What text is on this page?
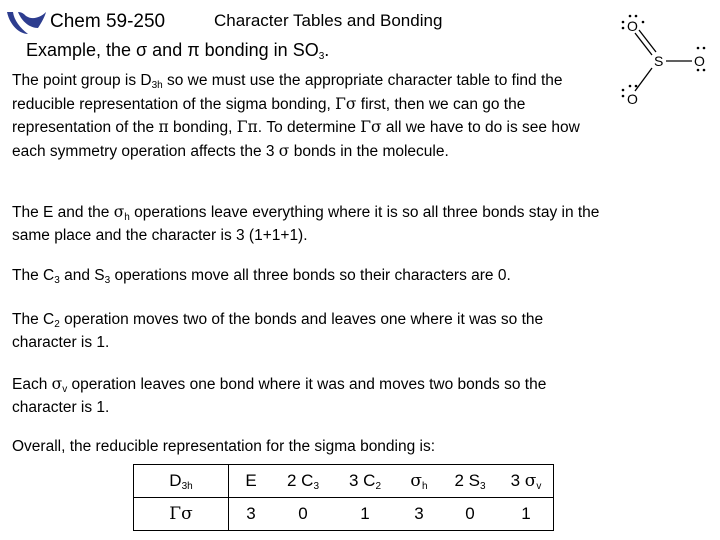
Chem 59-250	Character Tables and Bonding
Example, the σ and π bonding in $SO_3$.
O
S O
O
The point group is $D_{3h}$ so we must use the appropriate character table to find the reducible representation of the sigma bonding, Γσ first, then we can go the representation of the π bonding, Γπ. To determine Γσ all we have to do is see how each symmetry operation affects the 3 σ bonds in the molecule.
The E and the $\sigma_h$ operations leave everything where it is so all three bonds stay in the same place and the character is 3 (1+1+1).
The $C_3$ and $S_3$ operations move all three bonds so their characters are 0.
The $C_2$ operation moves two of the bonds and leaves one where it was so the character is 1.
Each $\sigma_v$ operation leaves one bond where it was and moves two bonds so the character is 1.
Overall, the reducible representation for the sigma bonding is:
$D_{3h}$	E	2 $C_3$	3 $C_2$	$\sigma_h$	2 $S_3$	3 $\sigma_v$
Γσ	3	0	1	3	0	1
